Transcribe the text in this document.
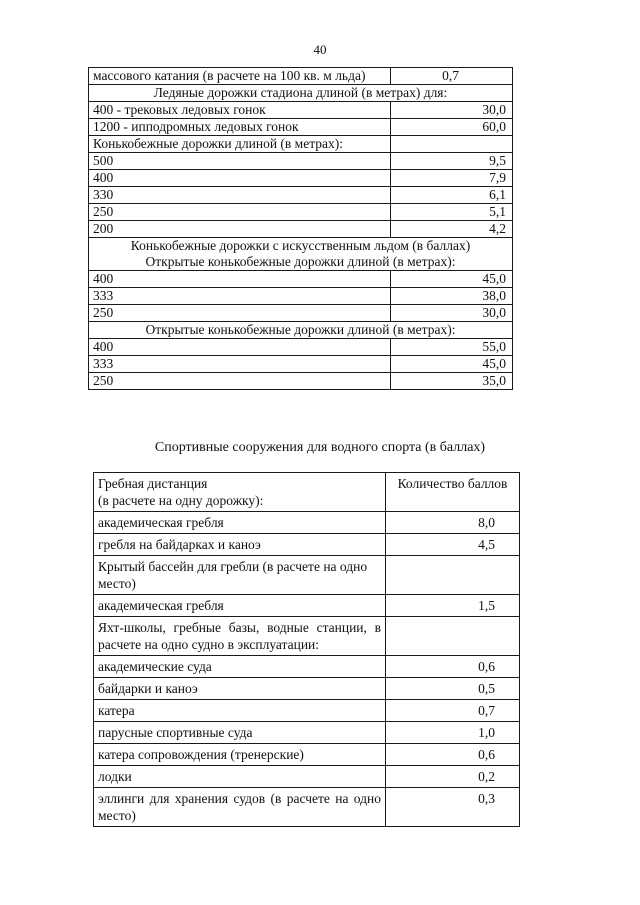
40
массового катания (в расчете на 100 кв. м льда)	0,7
Ледяные дорожки стадиона длиной (в метрах) для:	
400 - трековых ледовых гонок	30,0
1200 - ипподромных ледовых гонок	60,0
Конькобежные дорожки длиной (в метрах):	
500	9,5
400	7,9
330	6,1
250	5,1
200	4,2

Конькобежные дорожки с искусственным льдом (в баллах)
Открытые конькобежные дорожки длиной (в метрах):	

400	45,0
333	38,0
250	30,0
Открытые конькобежные дорожки длиной (в метрах):	
400	55,0
333	45,0
250	35,0
Спортивные сооружения для водного спорта (в баллах)
Гребная дистанция
(в расчете на одну дорожку):	Количество баллов
академическая гребля	8,0
гребля на байдарках и каноэ	4,5
Крытый бассейн для гребли (в расчете на одно место)	
академическая гребля	1,5
Яхт-школы, гребные базы, водные станции, в расчете на одно судно в эксплуатации:	
академические суда	0,6
байдарки и каноэ	0,5
катера	0,7
парусные спортивные суда	1,0
катера сопровождения (тренерские)	0,6
лодки	0,2
эллинги для хранения судов (в расчете на одно место)	0,3
